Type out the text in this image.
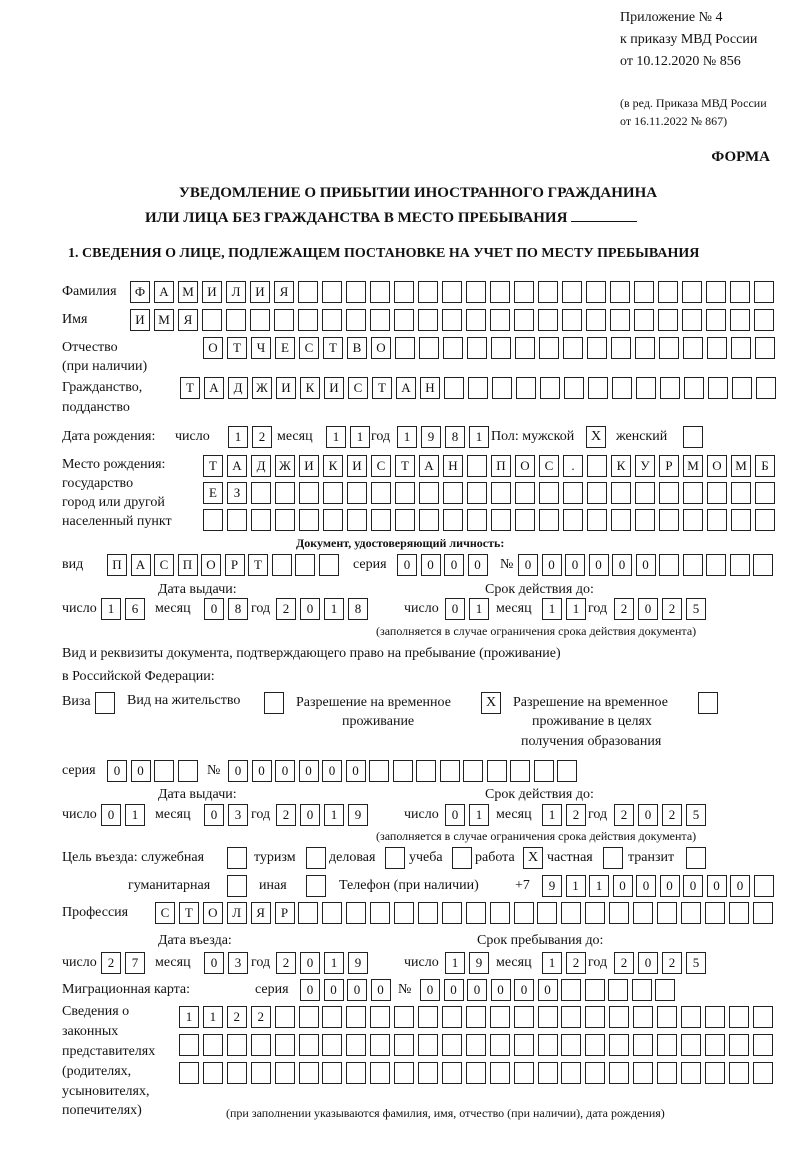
Приложение № 4
к приказу МВД России
от 10.12.2020 № 856
(в ред. Приказа МВД России
от 16.11.2022 № 867)
ФОРМА
УВЕДОМЛЕНИЕ О ПРИБЫТИИ ИНОСТРАННОГО ГРАЖДАНИНА
ИЛИ ЛИЦА БЕЗ ГРАЖДАНСТВА В МЕСТО ПРЕБЫВАНИЯ
1. СВЕДЕНИЯ О ЛИЦЕ, ПОДЛЕЖАЩЕМ ПОСТАНОВКЕ НА УЧЕТ ПО МЕСТУ ПРЕБЫВАНИЯ
Фамилия	Ф	А	М	И	Л	И	Я
Имя	И	М	Я
Отчество
(при наличии)
О	Т	Ч	Е	С	Т	В	О
Гражданство,
подданство
Т	А	Д	Ж	И	К	И	С	Т	А	Н
Дата рождения: число	1	2 месяц	1	1 год	1	9	8	1 Пол: мужской	X	женский
Место рождения:
государство
город или другой
населенный пункт
Т	А	Д	Ж	И	К	И	С	Т	А	Н	П	О	С	.	К	У	Р	М	О	М	Б
Е	З
Документ, удостоверяющий личность:
вид	П	А	С	П	О	Р	Т	серия	0	0	0	0	№ 0	0	0	0	0	0
Дата выдачи:	Срок действия до:
число 1	6	месяц	0	8 год 2	0	1	8	число	0	1 месяц	1	1 год	2	0	2	5
(заполняется в случае ограничения срока действия документа)
Вид и реквизиты документа, подтверждающего право на пребывание (проживание)
в Российской Федерации:
Виза	Вид на жительство	Разрешение на временное
проживание
X	Разрешение на временное
проживание в целях
получения образования
серия	0	0	№	0	0	0	0	0	0
Дата выдачи:	Срок действия до:
число 0	1	месяц	0	3 год 2	0	1	9	число	0	1 месяц	1	2 год	2	0	2	5
(заполняется в случае ограничения срока действия документа)
Цель въезда: служебная	туризм деловая учеба работа X частная	транзит
гуманитарная	иная	Телефон (при наличии)	+7	9	1	1	0	0	0	0	0	0
Профессия	С	Т	О	Л	Я	Р
Дата въезда:	Срок пребывания до:
число 2	7	месяц	0	3 год 2	0	1	9	число	1	9 месяц	1	2 год	2	0	2	5
Миграционная карта:	серия	0	0	0	0	№	0	0	0	0	0	0
Сведения о
законных
представителях
(родителях,
усыновителях,
попечителях)
1	1	2	2
(при заполнении указываются фамилия, имя, отчество (при наличии), дата рождения)
